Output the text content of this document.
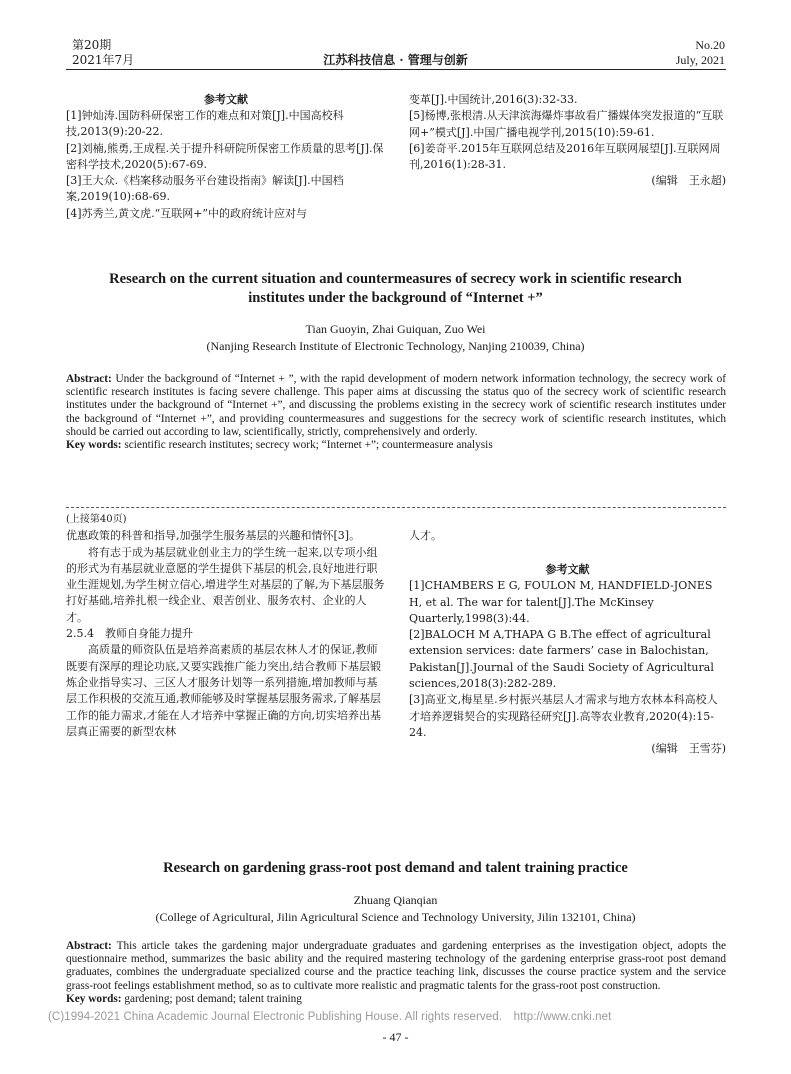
第20期
2021年7月	江苏科技信息 · 管理与创新
No.20
July, 2021
参考文献

[1]钟灿涛.国防科研保密工作的难点和对策[J].中国高校科技,2013(9):20-22.

[2]刘楠,熊勇,王成程.关于提升科研院所保密工作质量的思考[J].保密科学技术,2020(5):67-69.

[3]王大众.《档案移动服务平台建设指南》解读[J].中国档案,2019(10):68-69.

[4]苏秀兰,黄文虎.“互联网+”中的政府统计应对与

变革[J].中国统计,2016(3):32-33.

[5]杨博,张根清.从天津滨海爆炸事故看广播媒体突发报道的“互联网+”模式[J].中国广播电视学刊,2015(10):59-61.

[6]姜奇平.2015年互联网总结及2016年互联网展望[J].互联网周刊,2016(1):28-31.

(编辑　王永超)

Research on the current situation and countermeasures of secrecy work in scientific research institutes under the background of “Internet +”
Tian Guoyin, Zhai Guiquan, Zuo Wei
(Nanjing Research Institute of Electronic Technology, Nanjing 210039, China)
Abstract: Under the background of “Internet + ”, with the rapid development of modern network information technology, the secrecy work of scientific research institutes is facing severe challenge. This paper aims at discussing the status quo of the secrecy work of scientific research institutes under the background of “Internet +”, and discussing the problems existing in the secrecy work of scientific research institutes under the background of “Internet +”, and providing countermeasures and suggestions for the secrecy work of scientific research institutes, which should be carried out according to law, scientifically, strictly, comprehensively and orderly.
Key words: scientific research institutes; secrecy work; “Internet +”; countermeasure analysis

(上接第40页)

优惠政策的科普和指导,加强学生服务基层的兴趣和情怀[3]。

将有志于成为基层就业创业主力的学生统一起来,以专项小组的形式为有基层就业意愿的学生提供下基层的机会,良好地进行职业生涯规划,为学生树立信心,增进学生对基层的了解,为下基层服务打好基础,培养扎根一线企业、艰苦创业、服务农村、企业的人才。

2.5.4　教师自身能力提升

高质量的师资队伍是培养高素质的基层农林人才的保证,教师既要有深厚的理论功底,又要实践推广能力突出,结合教师下基层锻炼企业指导实习、三区人才服务计划等一系列措施,增加教师与基层工作积极的交流互通,教师能够及时掌握基层服务需求,了解基层工作的能力需求,才能在人才培养中掌握正确的方向,切实培养出基层真正需要的新型农林

人才。

参考文献

[1]CHAMBERS E G, FOULON M, HANDFIELD-JONES H, et al. The war for talent[J].The McKinsey Quarterly,1998(3):44.

[2]BALOCH M A,THAPA G B.The effect of agricultural extension services: date farmers’ case in Balochistan, Pakistan[J].Journal of the Saudi Society of Agricultural sciences,2018(3):282-289.

[3]高亚文,梅星星.乡村振兴基层人才需求与地方农林本科高校人才培养逻辑契合的实现路径研究[J].高等农业教育,2020(4):15-24.

(编辑　王雪芬)

Research on gardening grass-root post demand and talent training practice
Zhuang Qianqian
(College of Agricultural, Jilin Agricultural Science and Technology University, Jilin 132101, China)
Abstract: This article takes the gardening major undergraduate graduates and gardening enterprises as the investigation object, adopts the questionnaire method, summarizes the basic ability and the required mastering technology of the gardening enterprise grass-root post demand graduates, combines the undergraduate specialized course and the practice teaching link, discusses the course practice system and the service grass-root feelings establishment method, so as to cultivate more realistic and pragmatic talents for the grass-root post construction.
Key words: gardening; post demand; talent training
(C)1994-2021 China Academic Journal Electronic Publishing House. All rights reserved.　http://www.cnki.net
- 47 -
